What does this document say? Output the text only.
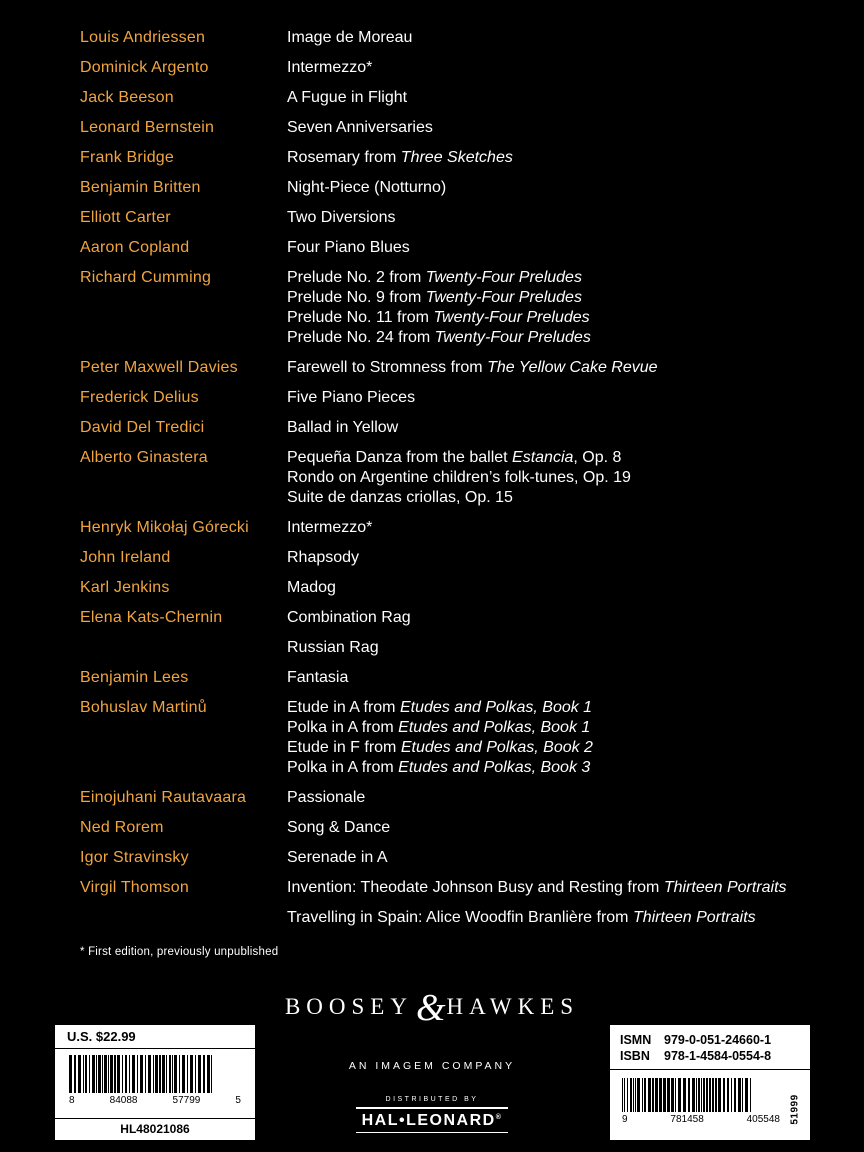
Louis Andriessen	Image de Moreau
Dominick Argento	Intermezzo*
Jack Beeson	A Fugue in Flight
Leonard Bernstein	Seven Anniversaries
Frank Bridge	Rosemary from Three Sketches
Benjamin Britten	Night-Piece (Notturno)
Elliott Carter	Two Diversions
Aaron Copland	Four Piano Blues
Richard Cumming	Prelude No. 2 from Twenty-Four Preludes
Prelude No. 9 from Twenty-Four Preludes
Prelude No. 11 from Twenty-Four Preludes
Prelude No. 24 from Twenty-Four Preludes
Peter Maxwell Davies	Farewell to Stromness from The Yellow Cake Revue
Frederick Delius	Five Piano Pieces
David Del Tredici	Ballad in Yellow
Alberto Ginastera	Pequeña Danza from the ballet Estancia, Op. 8
Rondo on Argentine children’s folk-tunes, Op. 19
Suite de danzas criollas, Op. 15
Henryk Mikołaj Górecki	Intermezzo*
John Ireland	Rhapsody
Karl Jenkins	Madog
Elena Kats-Chernin	Combination Rag
Russian Rag
Benjamin Lees	Fantasia
Bohuslav Martinů	Etude in A from Etudes and Polkas, Book 1
Polka in A from Etudes and Polkas, Book 1
Etude in F from Etudes and Polkas, Book 2
Polka in A from Etudes and Polkas, Book 3
Einojuhani Rautavaara	Passionale
Ned Rorem	Song & Dance
Igor Stravinsky	Serenade in A
Virgil Thomson	Invention: Theodate Johnson Busy and Resting from Thirteen Portraits
Travelling in Spain: Alice Woodfin Branlière from Thirteen Portraits
* First edition, previously unpublished
BOOSEY&HAWKES
AN IMAGEM COMPANY
DISTRIBUTED BY
HAL•LEONARD®
U.S. $22.99
8	84088	57799	5
HL48021086
ISMN	979-0-051-24660-1
ISBN	978-1-4584-0554-8
9	781458	405548 51999
